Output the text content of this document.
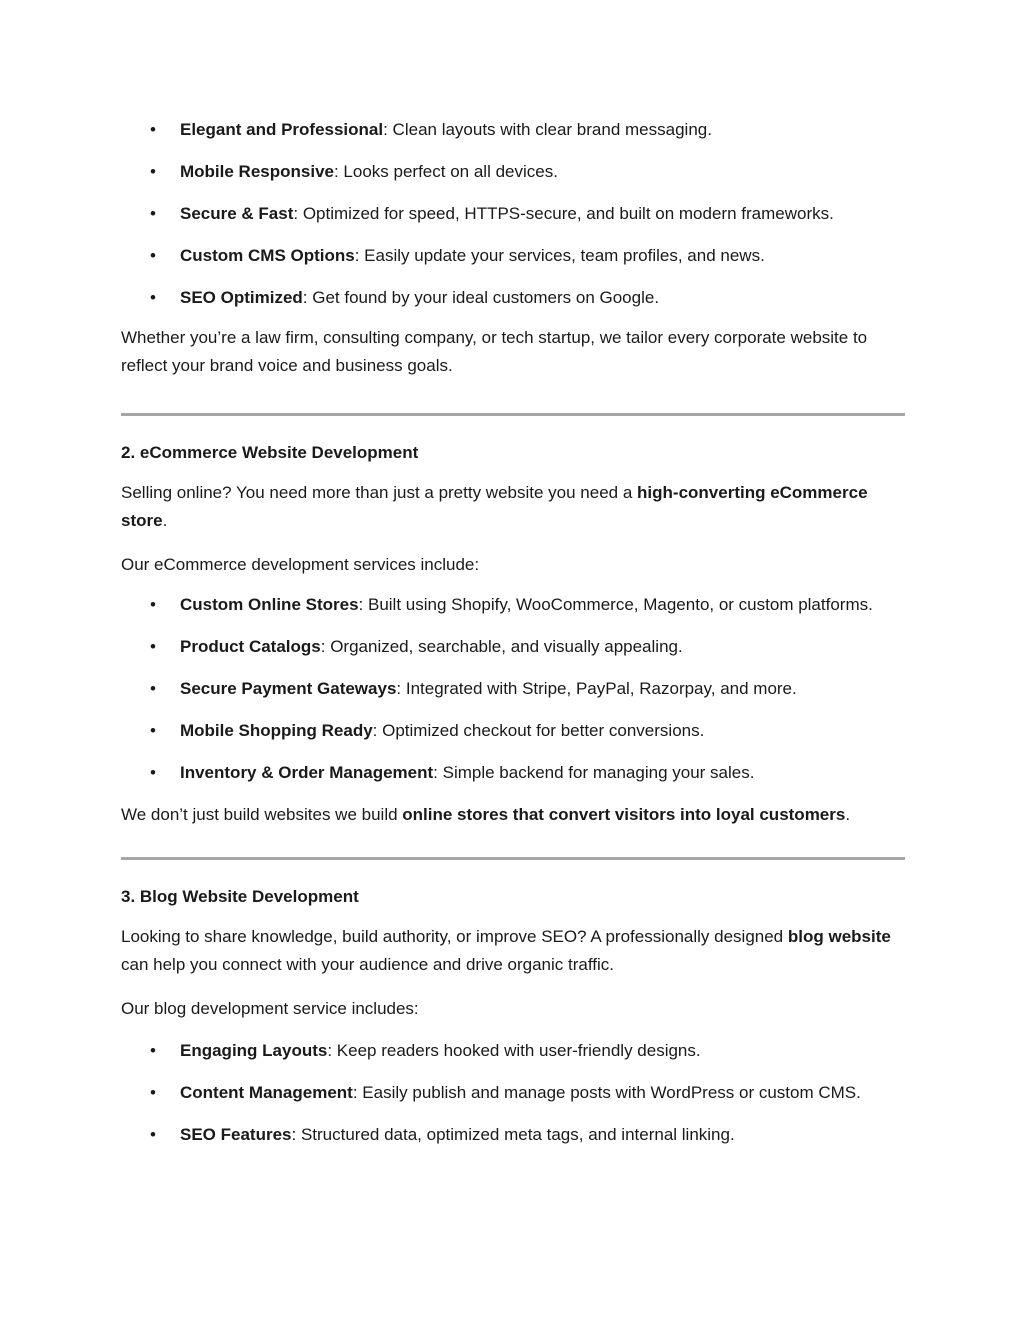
• Elegant and Professional: Clean layouts with clear brand messaging.
• Mobile Responsive: Looks perfect on all devices.
• Secure & Fast: Optimized for speed, HTTPS-secure, and built on modern frameworks.
• Custom CMS Options: Easily update your services, team profiles, and news.
• SEO Optimized: Get found by your ideal customers on Google.

Whether you’re a law firm, consulting company, or tech startup, we tailor every corporate website to reflect your brand voice and business goals.

2. eCommerce Website Development

Selling online? You need more than just a pretty website you need a high-converting eCommerce store.

Our eCommerce development services include:

• Custom Online Stores: Built using Shopify, WooCommerce, Magento, or custom platforms.
• Product Catalogs: Organized, searchable, and visually appealing.
• Secure Payment Gateways: Integrated with Stripe, PayPal, Razorpay, and more.
• Mobile Shopping Ready: Optimized checkout for better conversions.
• Inventory & Order Management: Simple backend for managing your sales.

We don’t just build websites we build online stores that convert visitors into loyal customers.

3. Blog Website Development

Looking to share knowledge, build authority, or improve SEO? A professionally designed blog website can help you connect with your audience and drive organic traffic.

Our blog development service includes:

• Engaging Layouts: Keep readers hooked with user-friendly designs.
• Content Management: Easily publish and manage posts with WordPress or custom CMS.
• SEO Features: Structured data, optimized meta tags, and internal linking.
